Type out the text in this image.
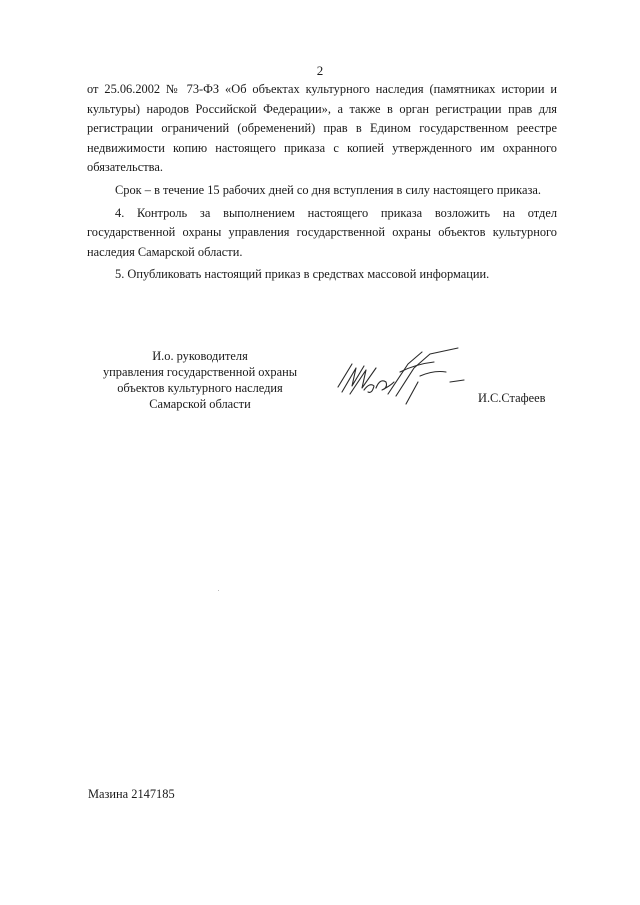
2

от 25.06.2002 № 73-ФЗ «Об объектах культурного наследия (памятниках истории и культуры) народов Российской Федерации», а также в орган регистрации прав для регистрации ограничений (обременений) прав в Едином государственном реестре недвижимости копию настоящего приказа с копией утвержденного им охранного обязательства.

Срок – в течение 15 рабочих дней со дня вступления в силу настоящего приказа.

4. Контроль за выполнением настоящего приказа возложить на отдел государственной охраны управления государственной охраны объектов культурного наследия Самарской области.

5. Опубликовать настоящий приказ в средствах массовой информации.

И.о. руководителя
управления государственной охраны
объектов культурного наследия
Самарской области	И.С.Стафеев
Мазина 2147185
